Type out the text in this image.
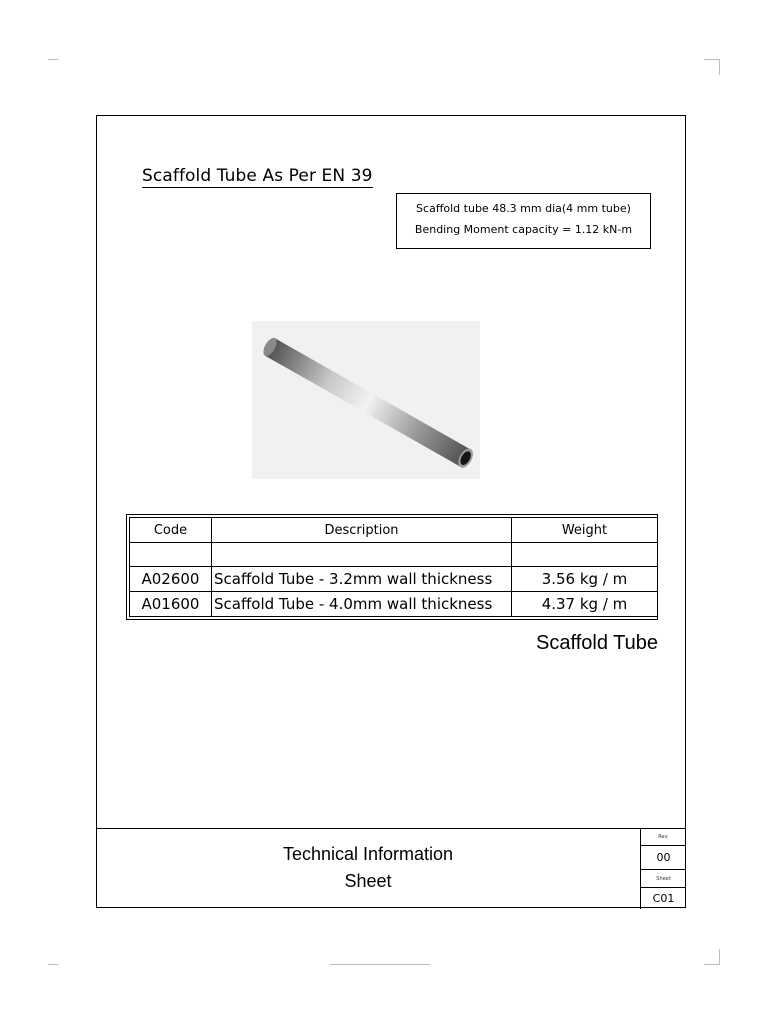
Scaffold Tube As Per EN 39
Scaffold tube 48.3 mm dia(4 mm tube)
Bending Moment capacity = 1.12 kN-m
Code	Description	Weight

A02600	Scaffold Tube - 3.2mm wall thickness	3.56 kg / m
A01600	Scaffold Tube - 4.0mm wall thickness	4.37 kg / m
Scaffold Tube
Technical Information
Sheet
Rev.
00
Sheet
C01
